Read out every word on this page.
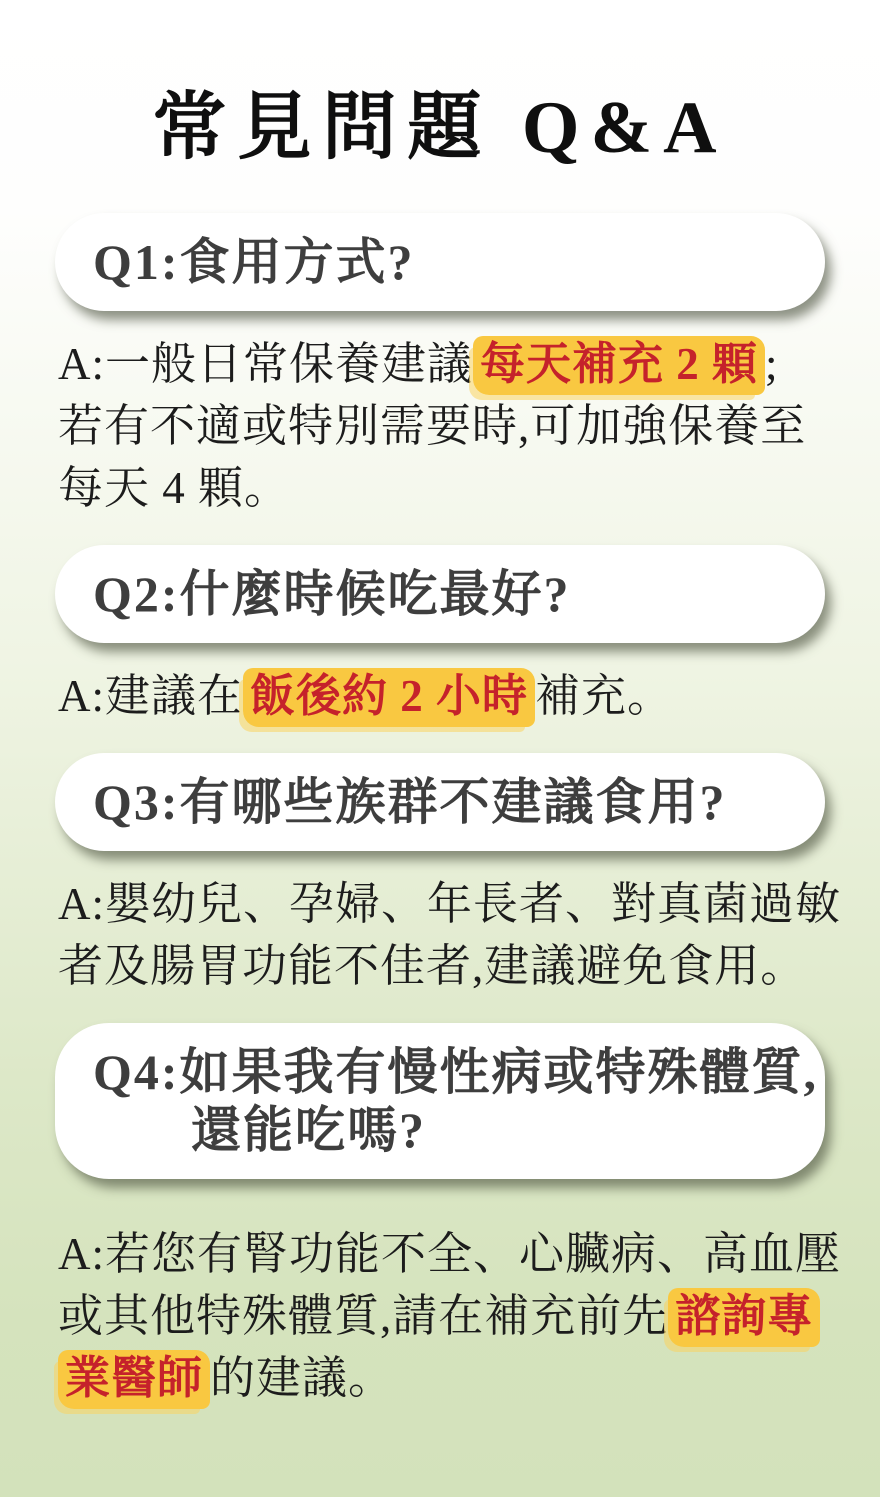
常見問題 Q&A
Q1:食用方式?

A:一般日常保養建議 每天補充 2 顆 ;
若有不適或特別需要時,可加強保養至
每天 4 顆。

Q2:什麼時候吃最好?

A:建議在 飯後約 2 小時 補充。

Q3:有哪些族群不建議食用?

A:嬰幼兒、孕婦、年長者、對真菌過敏
者及腸胃功能不佳者,建議避免食用。

Q4:如果我有慢性病或特殊體質,
還能吃嗎?

A:若您有腎功能不全、心臟病、高血壓
或其他特殊體質,請在補充前先 諮詢專
業醫師 的建議。
